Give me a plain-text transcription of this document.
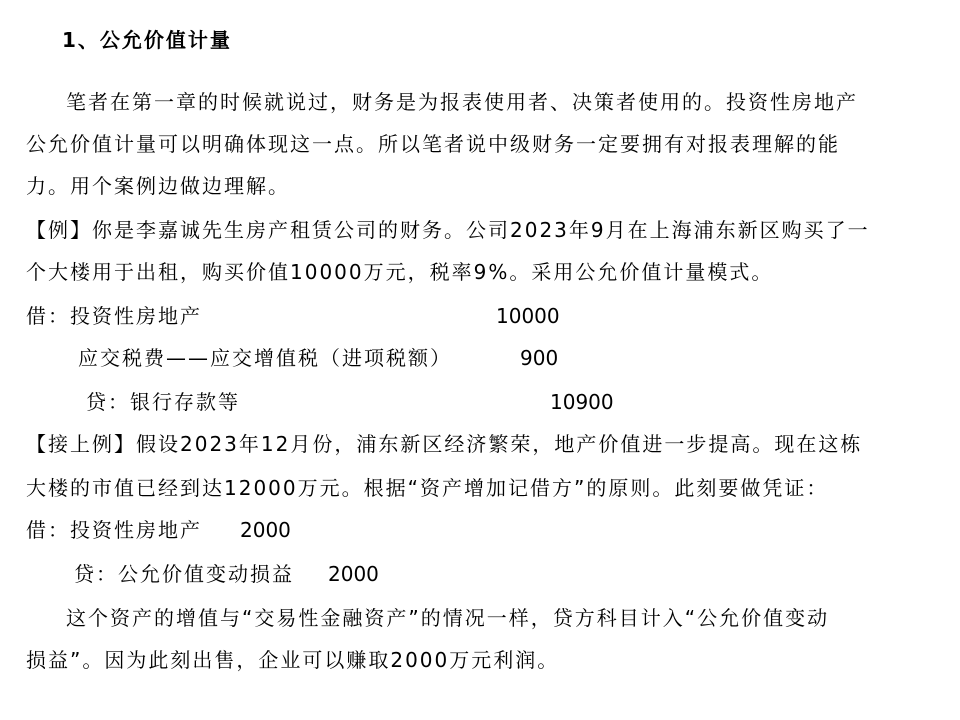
1、公允价值计量
笔者在第一章的时候就说过，财务是为报表使用者、决策者使用的。投资性房地产
公允价值计量可以明确体现这一点。所以笔者说中级财务一定要拥有对报表理解的能
力。用个案例边做边理解。
【例】你是李嘉诚先生房产租赁公司的财务。公司2023年9月在上海浦东新区购买了一
个大楼用于出租，购买价值10000万元，税率9%。采用公允价值计量模式。
借：投资性房地产	10000
应交税费——应交增值税（进项税额）	900
贷：银行存款等	10900
【接上例】假设2023年12月份，浦东新区经济繁荣，地产价值进一步提高。现在这栋
大楼的市值已经到达12000万元。根据“资产增加记借方”的原则。此刻要做凭证：
借：投资性房地产 2000
贷：公允价值变动损益 2000
这个资产的增值与“交易性金融资产”的情况一样，贷方科目计入“公允价值变动
损益”。因为此刻出售，企业可以赚取2000万元利润。
